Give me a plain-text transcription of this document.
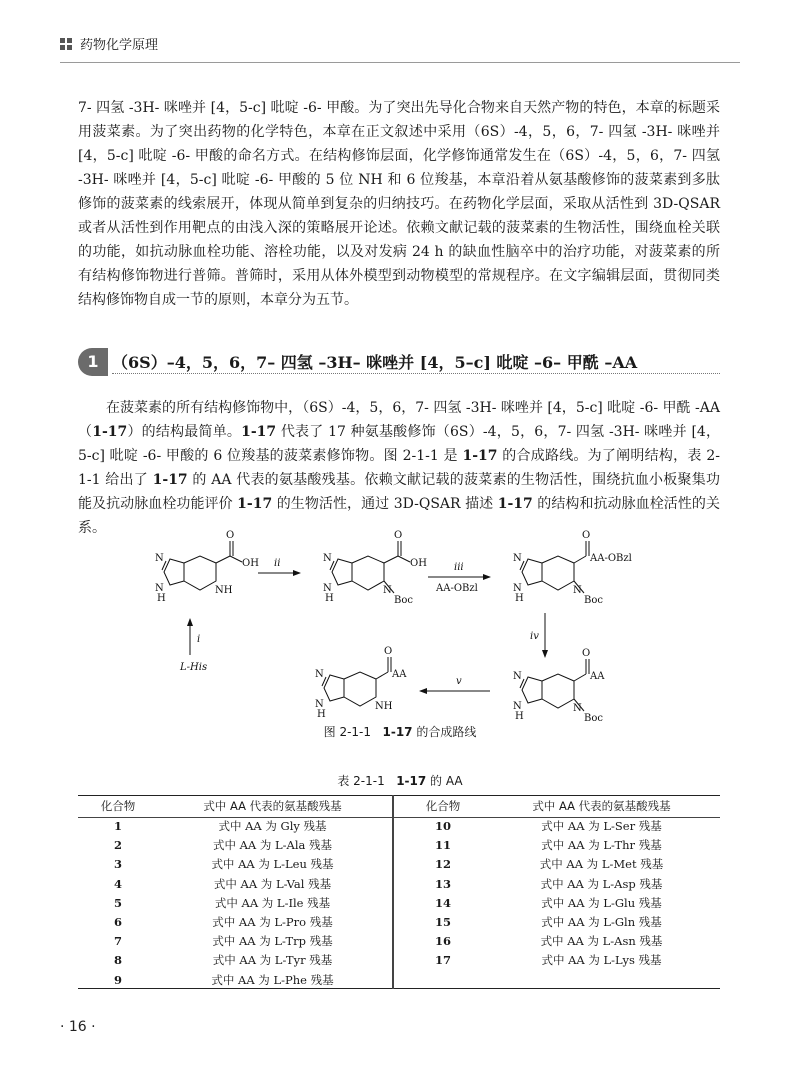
药物化学原理

7- 四氢 -3H- 咪唑并 [4，5-c] 吡啶 -6- 甲酸。为了突出先导化合物来自天然产物的特色，本章的标题采用菠菜素。为了突出药物的化学特色，本章在正文叙述中采用（6S）-4，5，6，7- 四氢 -3H- 咪唑并 [4，5-c] 吡啶 -6- 甲酸的命名方式。在结构修饰层面，化学修饰通常发生在（6S）-4，5，6，7- 四氢 -3H- 咪唑并 [4，5-c] 吡啶 -6- 甲酸的 5 位 NH 和 6 位羧基，本章沿着从氨基酸修饰的菠菜素到多肽修饰的菠菜素的线索展开，体现从简单到复杂的归纳技巧。在药物化学层面，采取从活性到 3D-QSAR 或者从活性到作用靶点的由浅入深的策略展开论述。依赖文献记载的菠菜素的生物活性，围绕血栓关联的功能，如抗动脉血栓功能、溶栓功能，以及对发病 24 h 的缺血性脑卒中的治疗功能，对菠菜素的所有结构修饰物进行普筛。普筛时，采用从体外模型到动物模型的常规程序。在文字编辑层面，贯彻同类结构修饰物自成一节的原则，本章分为五节。

1 （6S）–4，5，6，7– 四氢 –3H– 咪唑并 [4，5–c] 吡啶 –6– 甲酰 –AA

在菠菜素的所有结构修饰物中，（6S）-4，5，6，7- 四氢 -3H- 咪唑并 [4，5-c] 吡啶 -6- 甲酰 -AA（1-17）的结构最简单。1-17 代表了 17 种氨基酸修饰（6S）-4，5，6，7- 四氢 -3H- 咪唑并 [4，5-c] 吡啶 -6- 甲酸的 6 位羧基的菠菜素修饰物。图 2-1-1 是 1-17 的合成路线。为了阐明结构，表 2-1-1 给出了 1-17 的 AA 代表的氨基酸残基。依赖文献记载的菠菜素的生物活性，围绕抗血小板聚集功能及抗动脉血栓功能评价 1-17 的生物活性，通过 3D-QSAR 描述 1-17 的结构和抗动脉血栓活性的关系。	O
OH
N
N
H
NH
ii
O
OH
N
N
H
N
Boc
iii
AA-OBzl
O
AA-OBzl
N
N
H
N
Boc
i
L-His
iv
O
AA
N
N
H
N
Boc
v
O
AA
N
N
H
NH
图 2-1-1 1-17 的合成路线
表 2-1-1 1-17 的 AA
化合物	式中 AA 代表的氨基酸残基
1	式中 AA 为 Gly 残基
2	式中 AA 为 L-Ala 残基
3	式中 AA 为 L-Leu 残基
4	式中 AA 为 L-Val 残基
5	式中 AA 为 L-Ile 残基
6	式中 AA 为 L-Pro 残基
7	式中 AA 为 L-Trp 残基
8	式中 AA 为 L-Tyr 残基
9	式中 AA 为 L-Phe 残基
化合物	式中 AA 代表的氨基酸残基
10	式中 AA 为 L-Ser 残基
11	式中 AA 为 L-Thr 残基
12	式中 AA 为 L-Met 残基
13	式中 AA 为 L-Asp 残基
14	式中 AA 为 L-Glu 残基
15	式中 AA 为 L-Gln 残基
16	式中 AA 为 L-Asn 残基
17	式中 AA 为 L-Lys 残基
· 16 ·
